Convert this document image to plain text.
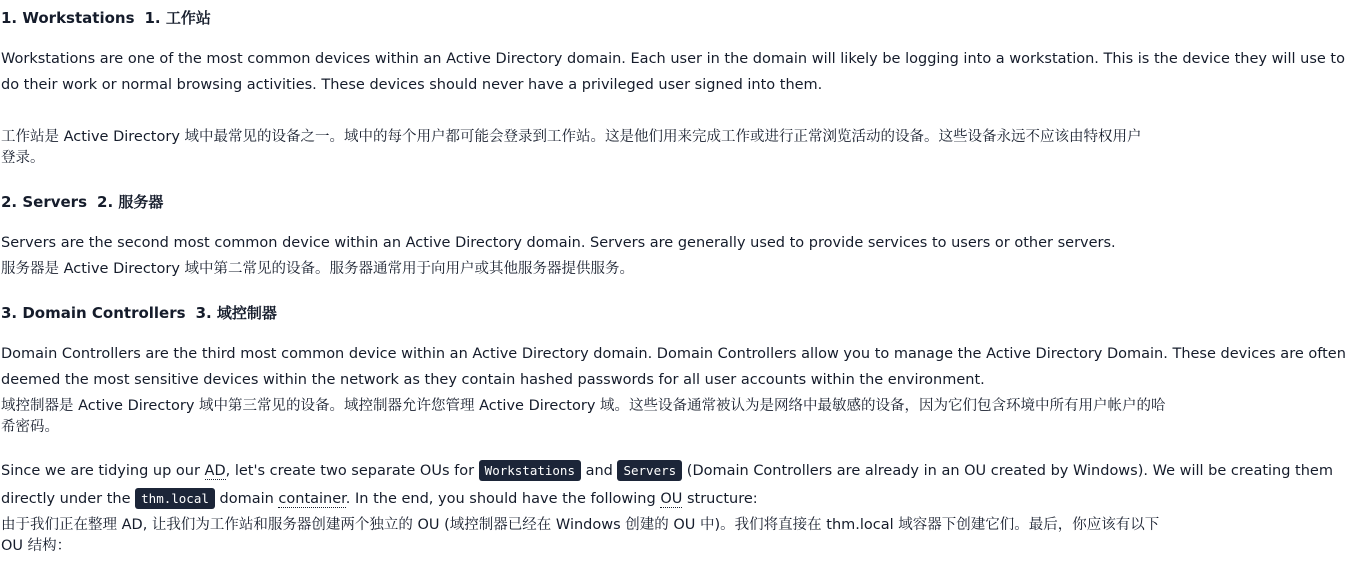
1. Workstations 1. 工作站
Workstations are one of the most common devices within an Active Directory domain. Each user in the domain will likely be logging into a workstation. This is the device they will use to
do their work or normal browsing activities. These devices should never have a privileged user signed into them.
工作站是 Active Directory 域中最常见的设备之一。域中的每个用户都可能会登录到工作站。这是他们用来完成工作或进行正常浏览活动的设备。这些设备永远不应该由特权用户
登录。
2. Servers 2. 服务器
Servers are the second most common device within an Active Directory domain. Servers are generally used to provide services to users or other servers.
服务器是 Active Directory 域中第二常见的设备。服务器通常用于向用户或其他服务器提供服务。
3. Domain Controllers 3. 域控制器
Domain Controllers are the third most common device within an Active Directory domain. Domain Controllers allow you to manage the Active Directory Domain. These devices are often
deemed the most sensitive devices within the network as they contain hashed passwords for all user accounts within the environment.
域控制器是 Active Directory 域中第三常见的设备。域控制器允许您管理 Active Directory 域。这些设备通常被认为是网络中最敏感的设备，因为它们包含环境中所有用户帐户的哈
希密码。
Since we are tidying up our AD, let's create two separate OUs for Workstations and Servers (Domain Controllers are already in an OU created by Windows). We will be creating them
directly under the thm.local domain container. In the end, you should have the following OU structure:
由于我们正在整理 AD, 让我们为工作站和服务器创建两个独立的 OU (域控制器已经在 Windows 创建的 OU 中)。我们将直接在 thm.local 域容器下创建它们。最后，你应该有以下
OU 结构：
